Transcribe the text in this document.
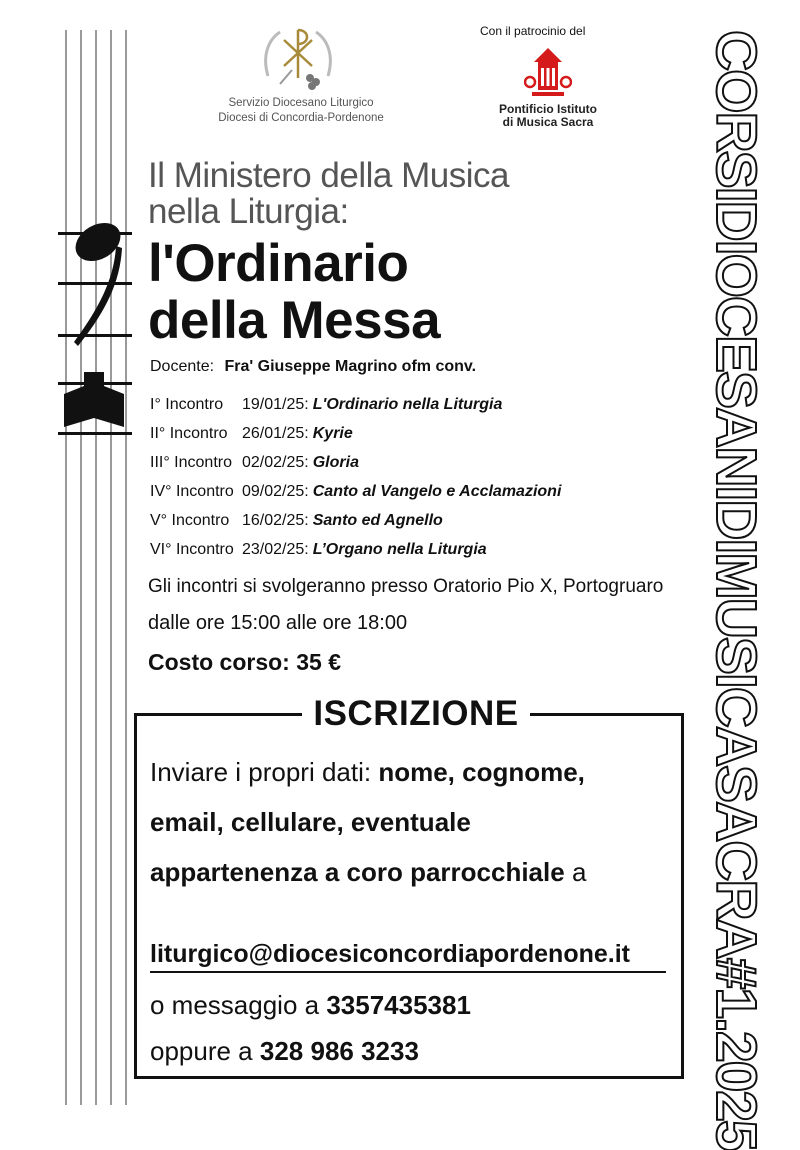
Servizio Diocesano Liturgico
Diocesi di Concordia-Pordenone
Con il patrocinio del
Pontificio Istituto
di Musica Sacra
Il Ministero della Musica
nella Liturgia:
l'Ordinario
della Messa
Docente: Fra' Giuseppe Magrino ofm conv.
I° Incontro 19/01/25: L'Ordinario nella Liturgia
II° Incontro 26/01/25: Kyrie
III° Incontro 02/02/25: Gloria
IV° Incontro 09/02/25: Canto al Vangelo e Acclamazioni
V° Incontro 16/02/25: Santo ed Agnello
VI° Incontro 23/02/25: L’Organo nella Liturgia
Gli incontri si svolgeranno presso Oratorio Pio X, Portogruaro
dalle ore 15:00 alle ore 18:00
Costo corso: 35 €
ISCRIZIONE
Inviare i propri dati: nome, cognome,
email, cellulare, eventuale
appartenenza a coro parrocchiale a
liturgico@diocesiconcordiapordenone.it
o messaggio a 3357435381
oppure a 328 986 3233	CORSIDIOCESANIDIMUSICASACRA#1.2025
